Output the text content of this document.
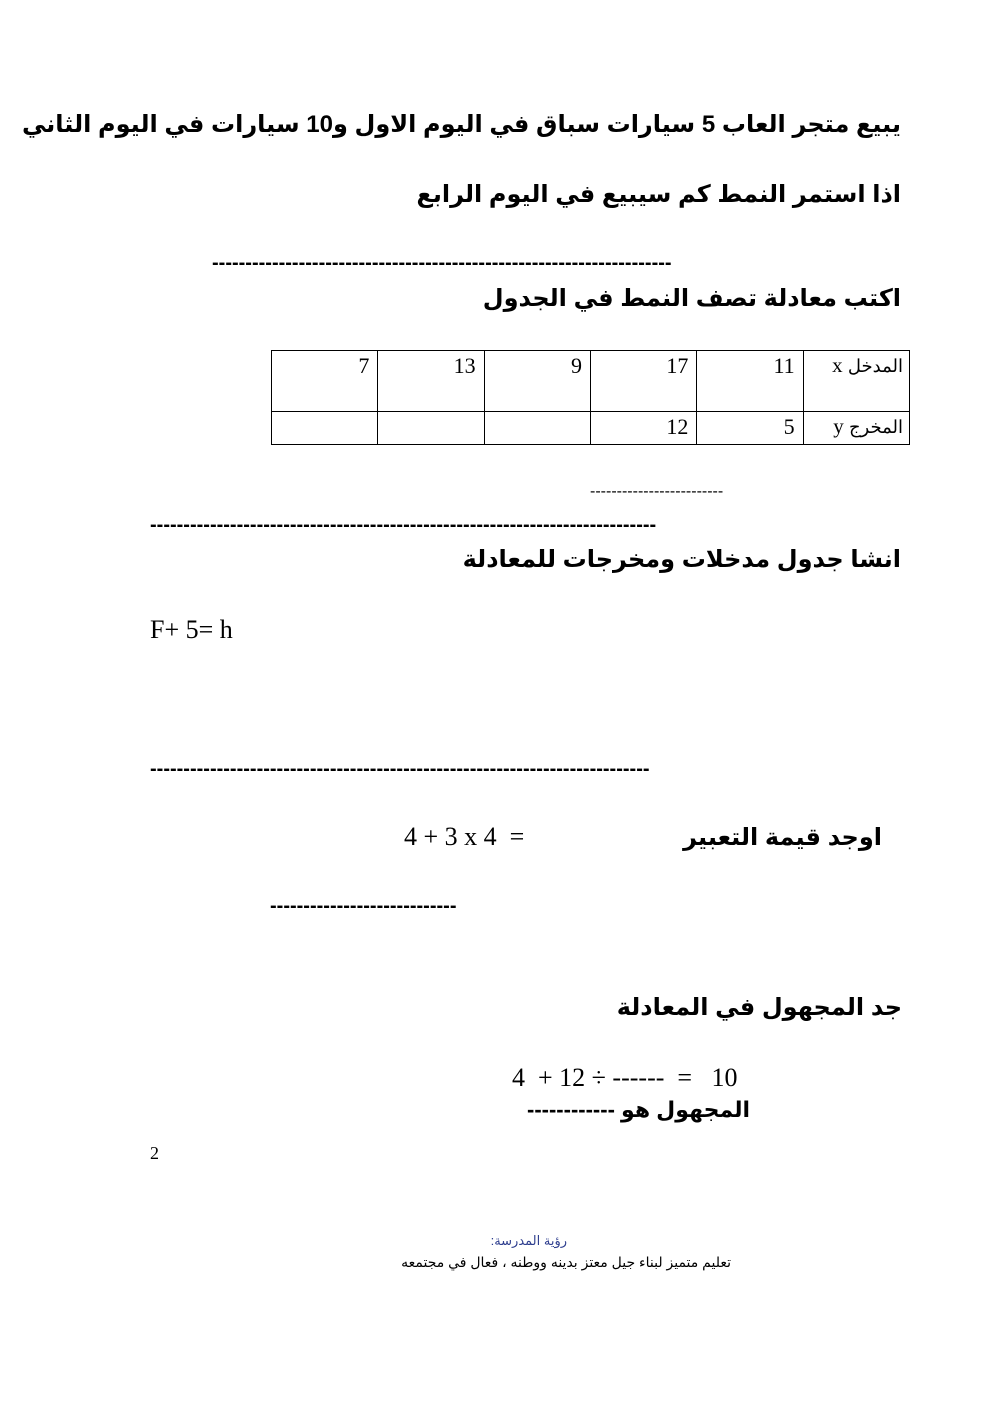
يبيع متجر العاب 5 سيارات سباق في اليوم الاول و10 سيارات في اليوم الثاني
اذا استمر النمط كم سيبيع في اليوم الرابع
---------------------------------------------------------------------
اكتب معادلة تصف النمط في الجدول
7	13	9	17	11	x المدخل
			12	5	y المخرج
-------------------------
----------------------------------------------------------------------------
انشا جدول مدخلات ومخرجات للمعادلة
F+ 5= h
---------------------------------------------------------------------------
اوجد قيمة التعبير
4 + 3 x 4  =
----------------------------
جد المجهول في المعادلة
4  + 12 ÷ ------  =   10
المجهول هو ------------
2
رؤية المدرسة:
تعليم متميز لبناء جيل معتز بدينه ووطنه ، فعال في مجتمعه
